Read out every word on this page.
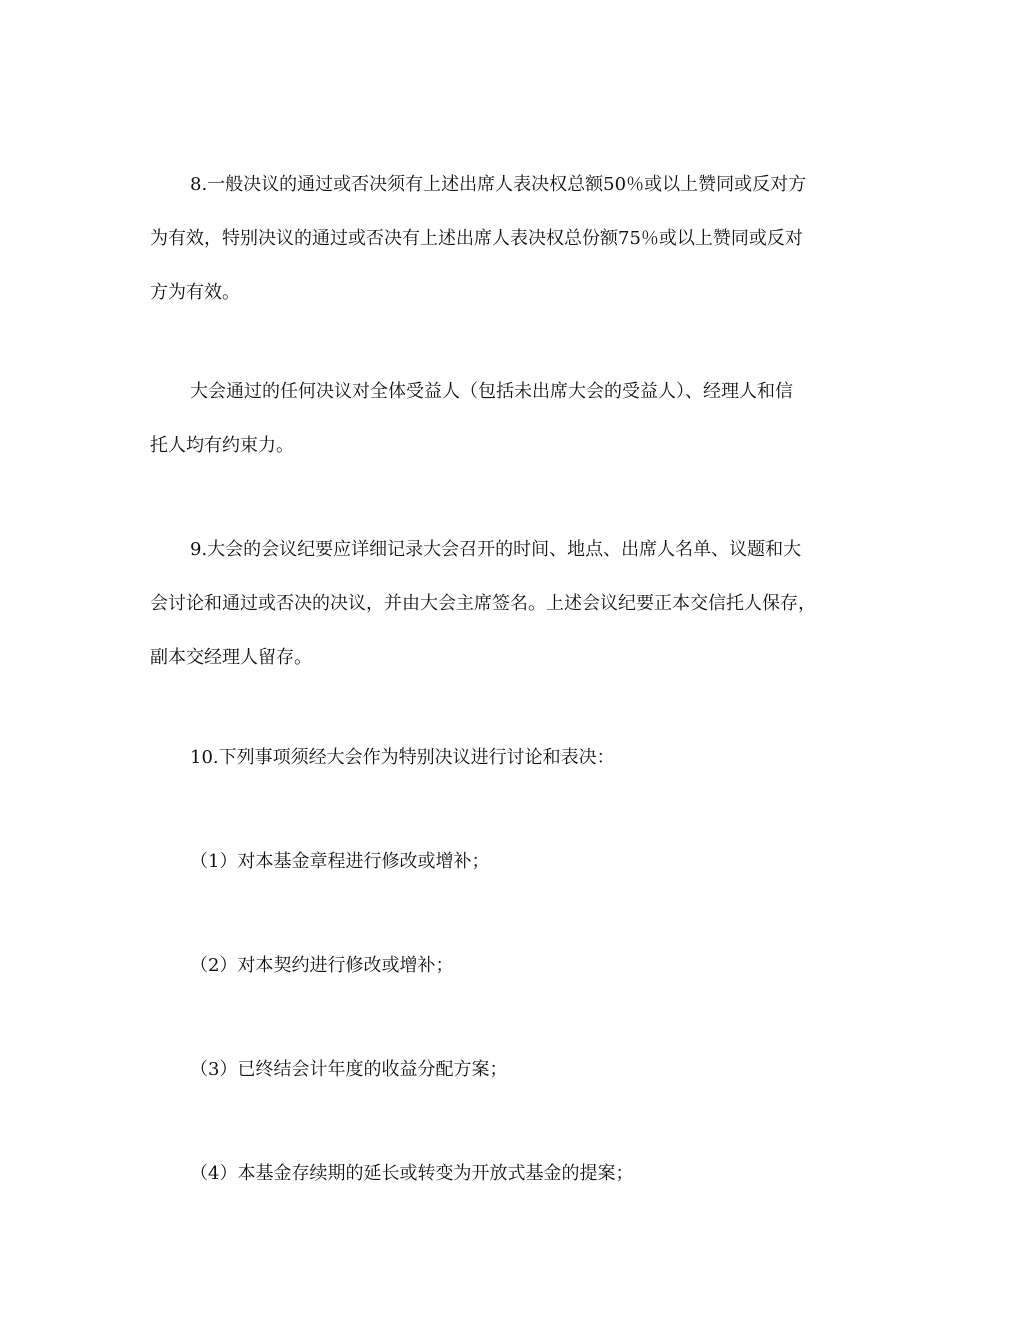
8.一般决议的通过或否决须有上述出席人表决权总额50％或以上赞同或反对方
为有效，特别决议的通过或否决有上述出席人表决权总份额75％或以上赞同或反对
方为有效。
大会通过的任何决议对全体受益人（包括未出席大会的受益人）、经理人和信
托人均有约束力。
9.大会的会议纪要应详细记录大会召开的时间、地点、出席人名单、议题和大
会讨论和通过或否决的决议，并由大会主席签名。上述会议纪要正本交信托人保存，
副本交经理人留存。
10.下列事项须经大会作为特别决议进行讨论和表决：
（1）对本基金章程进行修改或增补；
（2）对本契约进行修改或增补；
（3）已终结会计年度的收益分配方案；
（4）本基金存续期的延长或转变为开放式基金的提案；
